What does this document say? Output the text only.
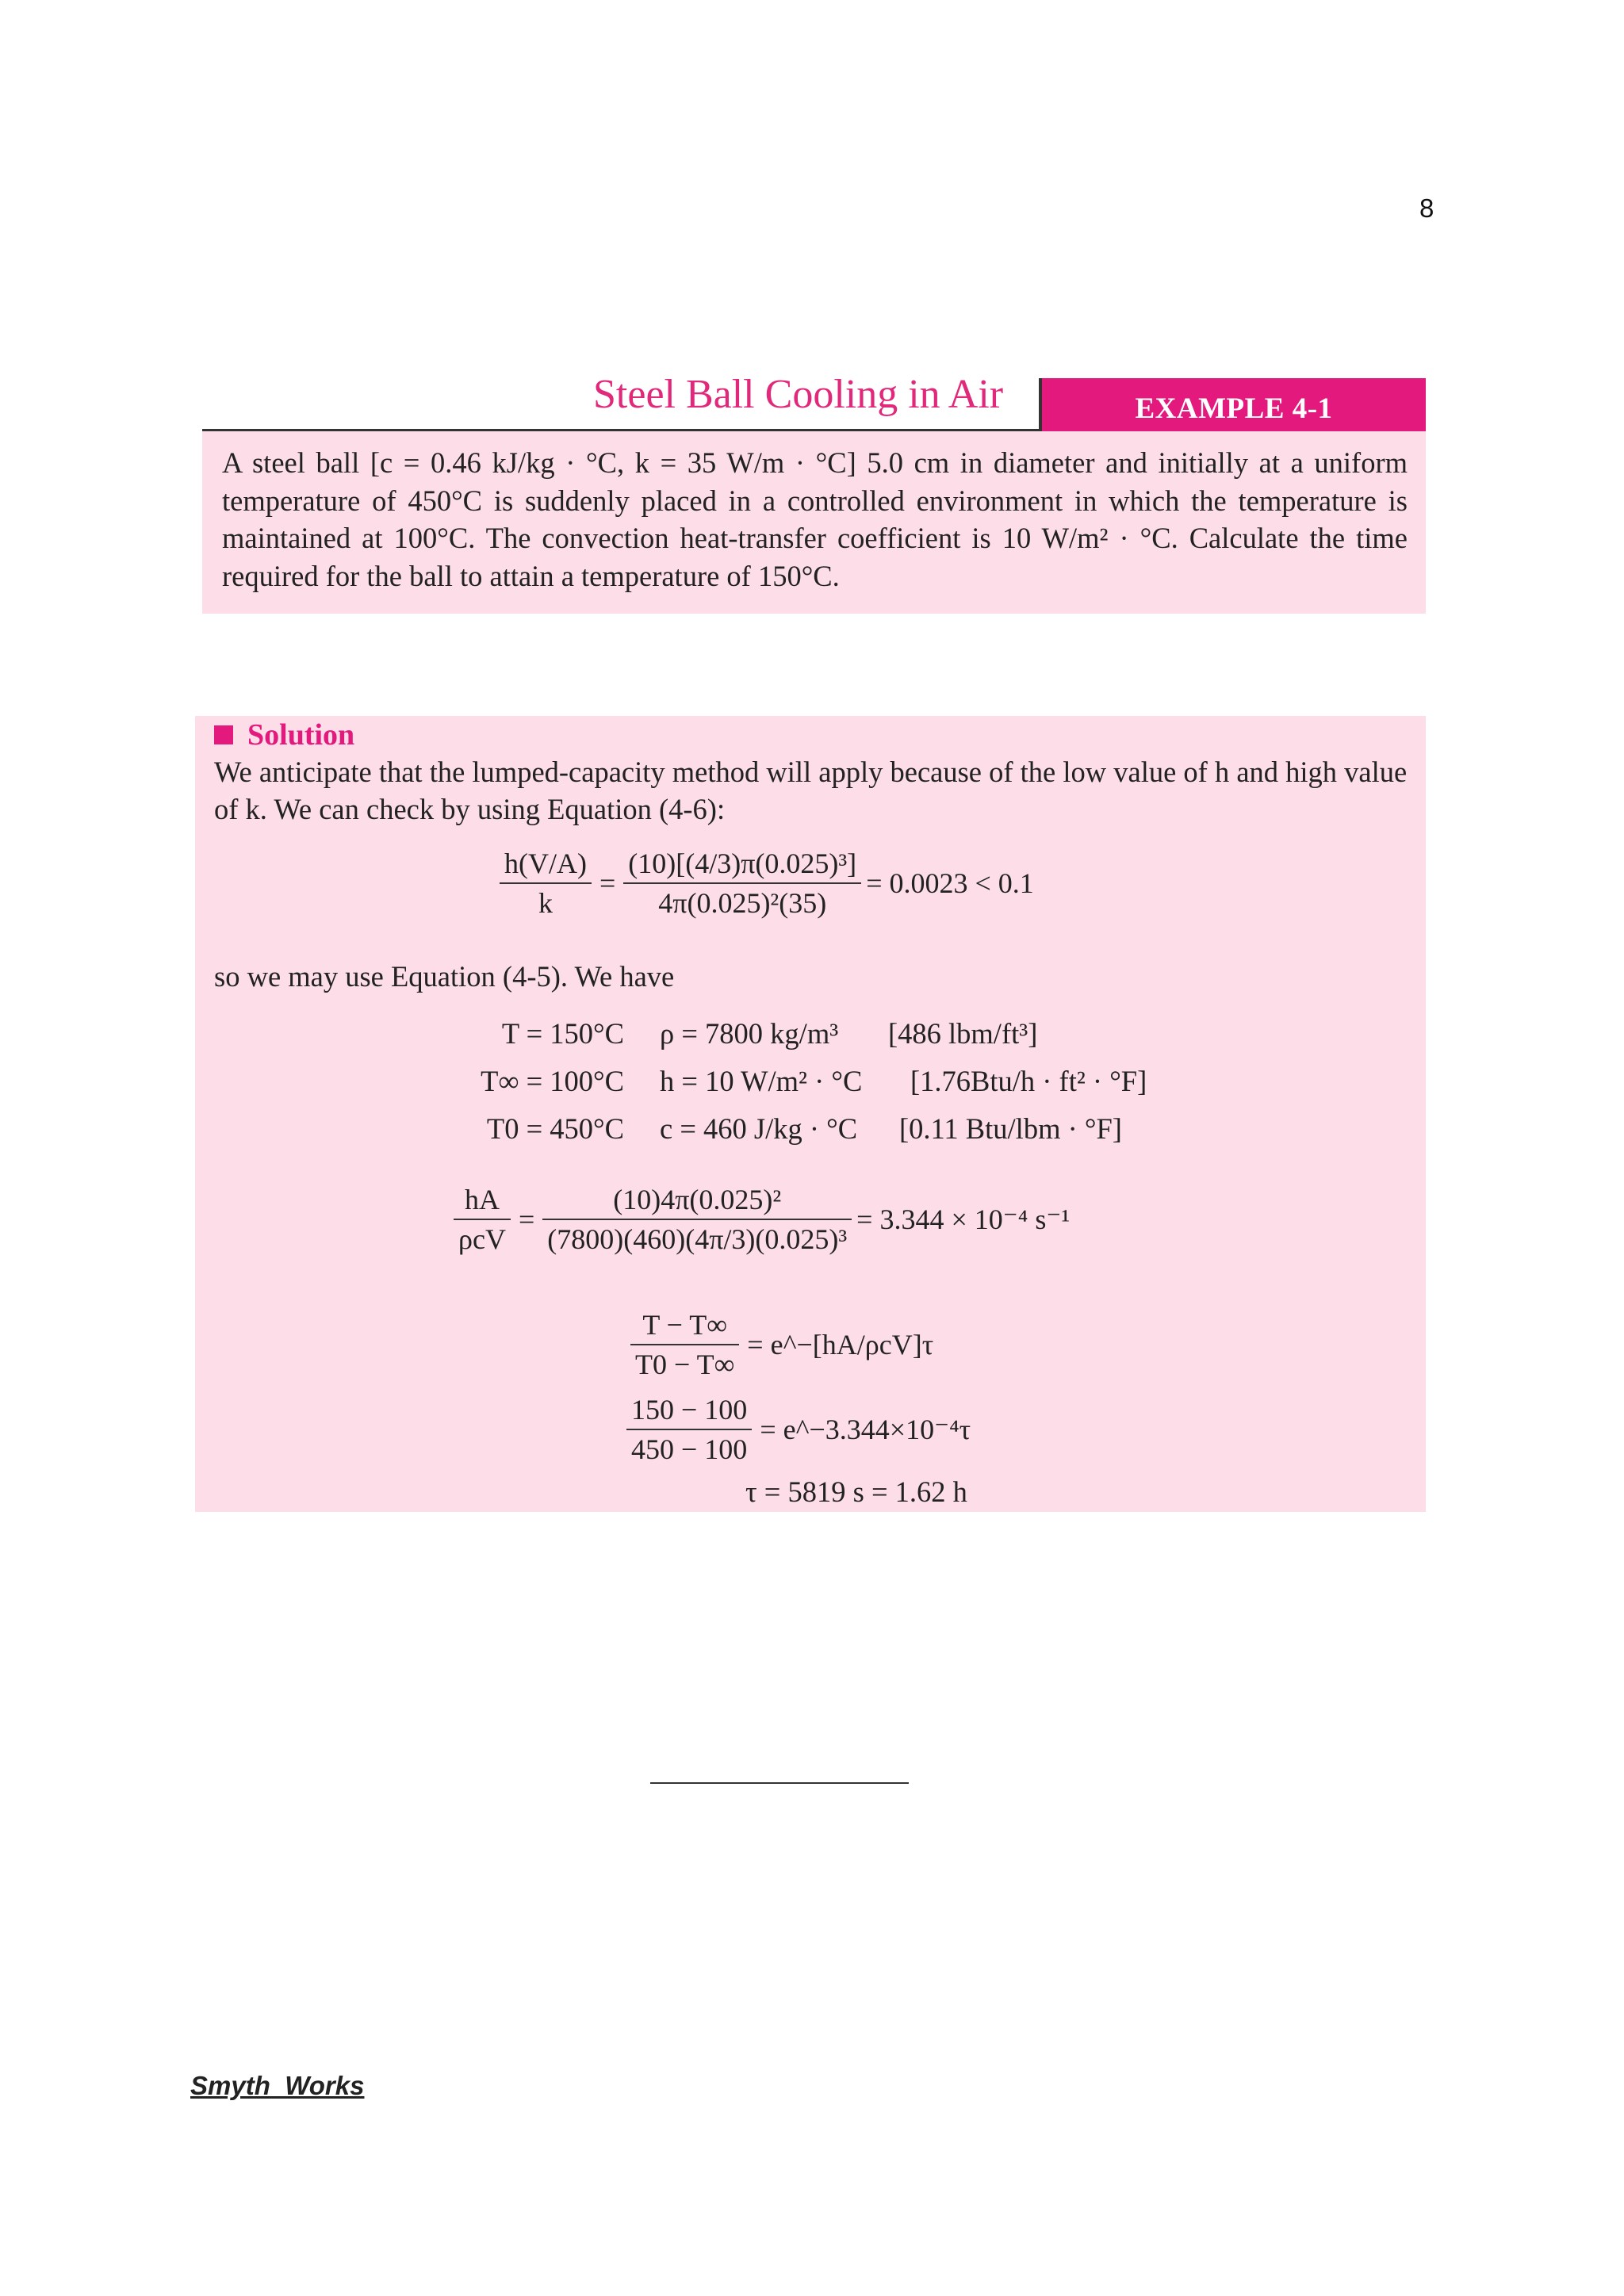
8
Steel Ball Cooling in Air	EXAMPLE 4-1
A steel ball [c = 0.46 kJ/kg · °C, k = 35 W/m · °C] 5.0 cm in diameter and initially at a uniform temperature of 450°C is suddenly placed in a controlled environment in which the temperature is maintained at 100°C. The convection heat-transfer coefficient is 10 W/m² · °C. Calculate the time required for the ball to attain a temperature of 150°C.
Solution
We anticipate that the lumped-capacity method will apply because of the low value of h and high value of k. We can check by using Equation (4-6):
$\frac{h(V/A)}{k} = \frac{\text{(10)[(4/3)π(0.025)³]}}{\text{4π(0.025)²(35)}} = 0.0023 < 0.1$
so we may use Equation (4-5). We have
T = 150°C ρ = 7800 kg/m³ [486 lbm/ft³]
T∞ = 100°C h = 10 W/m² · °C [1.76Btu/h · ft² · °F]
T0 = 450°C c = 460 J/kg · °C [0.11 Btu/lbm · °F]
$\frac{hA}{\text{ρcV}} = \frac{\text{(10)4π(0.025)²}}{\text{(7800)(460)(4π/3)(0.025)³}} = 3.344 \times 10^{-4}$ s⁻¹
$\frac{T - T\infty}{T0 - T\infty}$ = e^−[hA/ρcV]τ
$\frac{150 - 100}{450 - 100}$ = e^−3.344×10⁻⁴τ
τ = 5819 s = 1.62 h
Smyth_Works
